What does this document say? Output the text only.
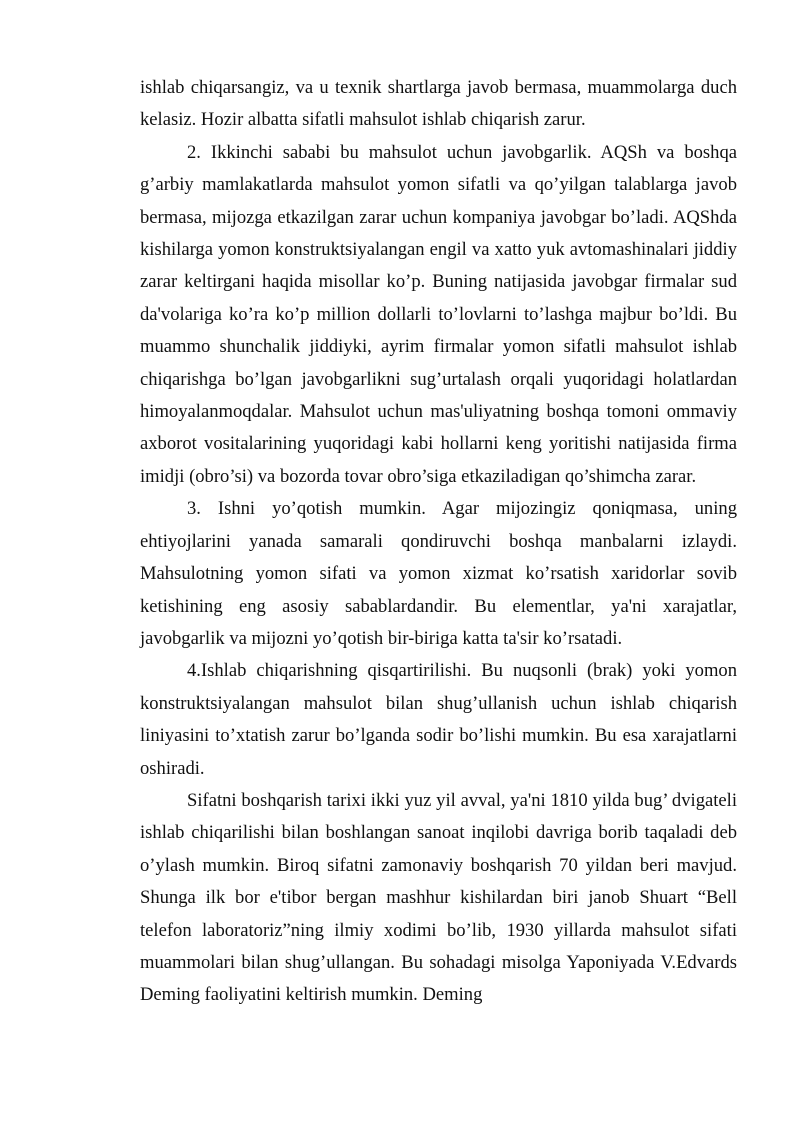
ishlab chiqarsangiz, va u texnik shartlarga javob bermasa, muammolarga duch kelasiz. Hozir albatta sifatli mahsulot ishlab chiqarish zarur.

2. Ikkinchi sababi bu mahsulot uchun javobgarlik. AQSh va boshqa g’arbiy mamlakatlarda mahsulot yomon sifatli va qo’yilgan talablarga javob bermasa, mijozga etkazilgan zarar uchun kompaniya javobgar bo’ladi. AQShda kishilarga yomon konstruktsiyalangan engil va xatto yuk avtomashinalari jiddiy zarar keltirgani haqida misollar ko’p. Buning natijasida javobgar firmalar sud da'volariga ko’ra ko’p million dollarli to’lovlarni to’lashga majbur bo’ldi. Bu muammo shunchalik jiddiyki, ayrim firmalar yomon sifatli mahsulot ishlab chiqarishga bo’lgan javobgarlikni sug’urtalash orqali yuqoridagi holatlardan himoyalanmoqdalar. Mahsulot uchun mas'uliyatning boshqa tomoni ommaviy axborot vositalarining yuqoridagi kabi hollarni keng yoritishi natijasida firma imidji (obro’si) va bozorda tovar obro’siga etkaziladigan qo’shimcha zarar.

3. Ishni yo’qotish mumkin. Agar mijozingiz qoniqmasa, uning ehtiyojlarini yanada samarali qondiruvchi boshqa manbalarni izlaydi. Mahsulotning yomon sifati va yomon xizmat ko’rsatish xaridorlar sovib ketishining eng asosiy sabablardandir. Bu elementlar, ya'ni xarajatlar, javobgarlik va mijozni yo’qotish bir-biriga katta ta'sir ko’rsatadi.

4.Ishlab chiqarishning qisqartirilishi. Bu nuqsonli (brak) yoki yomon konstruktsiyalangan mahsulot bilan shug’ullanish uchun ishlab chiqarish liniyasini to’xtatish zarur bo’lganda sodir bo’lishi mumkin. Bu esa xarajatlarni oshiradi.

Sifatni boshqarish tarixi ikki yuz yil avval, ya'ni 1810 yilda bug’ dvigateli ishlab chiqarilishi bilan boshlangan sanoat inqilobi davriga borib taqaladi deb o’ylash mumkin. Biroq sifatni zamonaviy boshqarish 70 yildan beri mavjud. Shunga ilk bor e'tibor bergan mashhur kishilardan biri janob Shuart “Bell telefon laboratoriz”ning ilmiy xodimi bo’lib, 1930 yillarda mahsulot sifati muammolari bilan shug’ullangan. Bu sohadagi misolga Yaponiyada V.Edvards Deming faoliyatini keltirish mumkin. Deming
